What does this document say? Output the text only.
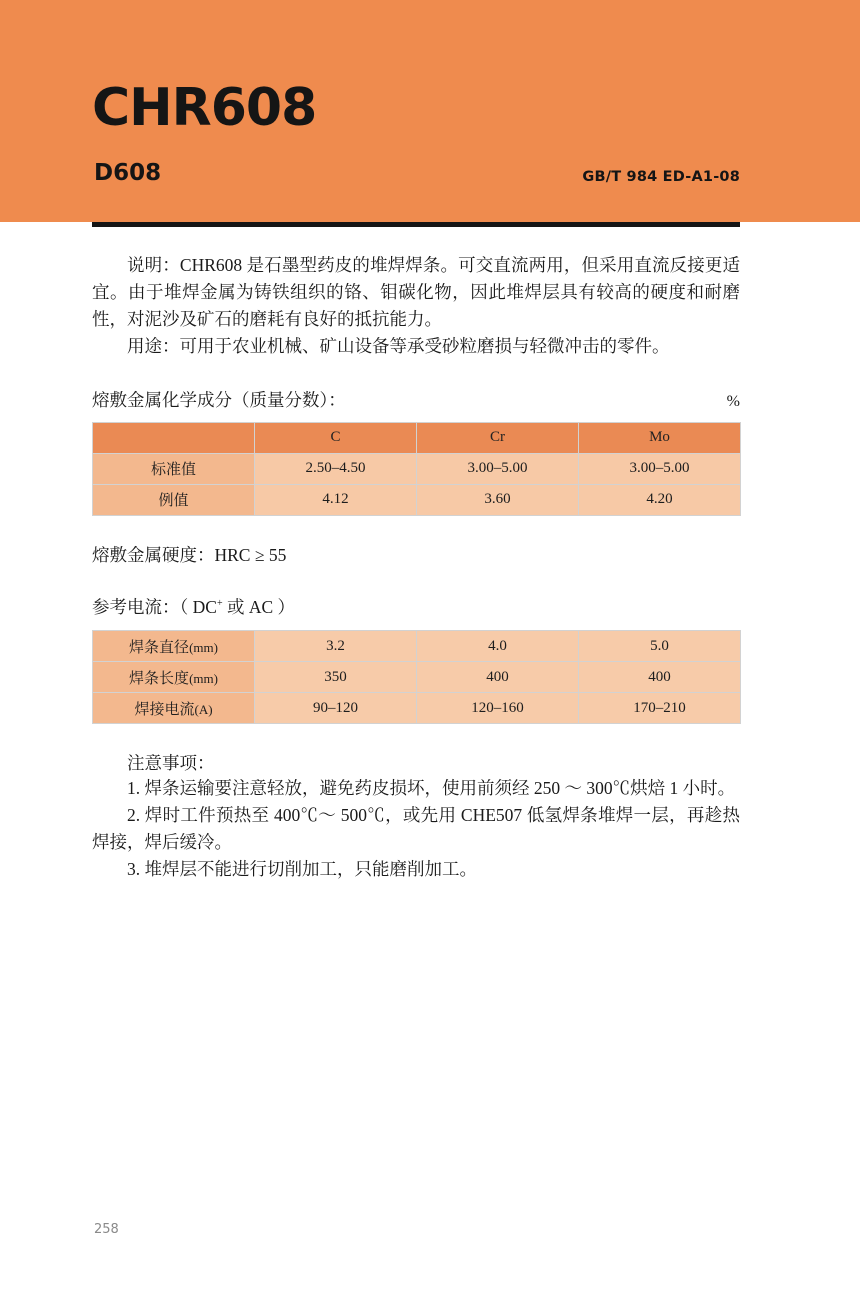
CHR608
D608	GB/T 984 ED-A1-08

说明：CHR608 是石墨型药皮的堆焊焊条。可交直流两用，但采用直流反接更适宜。由于堆焊金属为铸铁组织的铬、钼碳化物，因此堆焊层具有较高的硬度和耐磨性，对泥沙及矿石的磨耗有良好的抵抗能力。

用途：可用于农业机械、矿山设备等承受砂粒磨损与轻微冲击的零件。

熔敷金属化学成分（质量分数）：	%
	C	Cr	Mo
标准值	2.50–4.50	3.00–5.00	3.00–5.00
例值	4.12	3.60	4.20

熔敷金属硬度：HRC ≥ 55

参考电流：（ DC+ 或 AC ）

焊条直径(mm)	3.2	4.0	5.0
焊条长度(mm)	350	400	400
焊接电流(A)	90–120	120–160	170–210

注意事项：

1. 焊条运输要注意轻放，避免药皮损坏，使用前须经 250 ～ 300℃烘焙 1 小时。

2. 焊时工件预热至 400℃～ 500℃，或先用 CHE507 低氢焊条堆焊一层，再趁热焊接，焊后缓冷。

3. 堆焊层不能进行切削加工，只能磨削加工。

258
